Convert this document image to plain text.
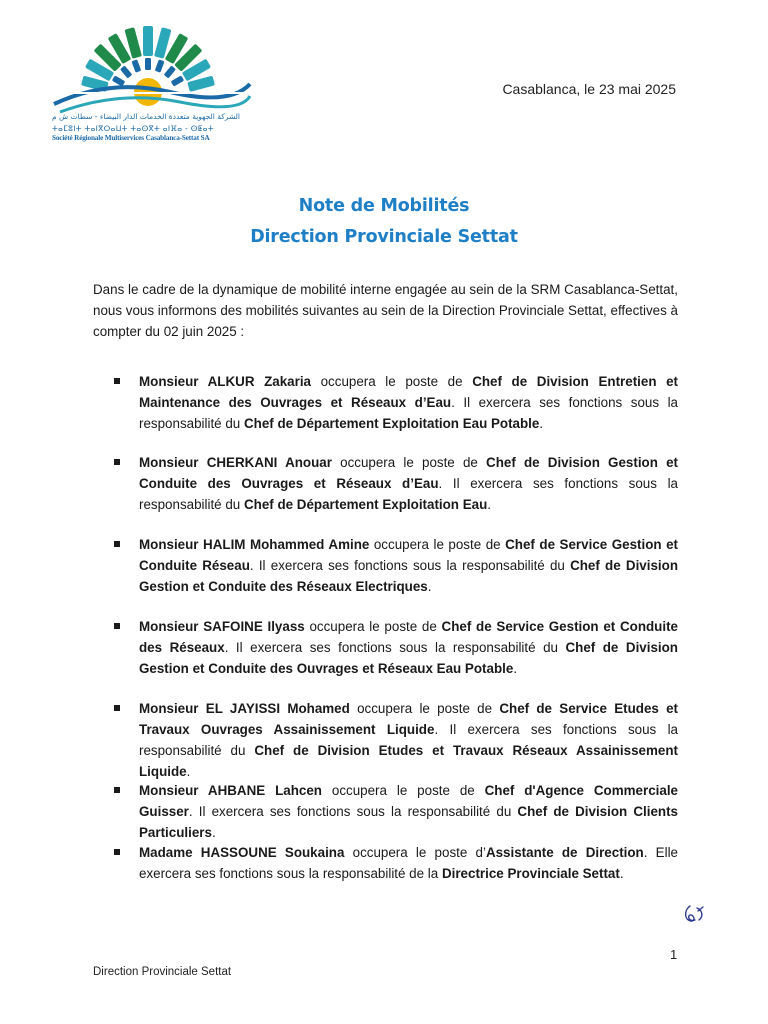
الشركة الجهوية متعددة الخدمات الدار البيضاء - سطات ش م
ⵜⴰⵎⵓⵏⵜ ⵜⴰⵏⴳⵔⴰⵡⵜ ⵜⴰⵙⴳⵜ ⴰⵏⴼⴰ - ⵙⵟⴰⵜ
Société Régionale Multiservices Casablanca-Settat SA
Casablanca, le 23 mai 2025
Note de Mobilités
Direction Provinciale Settat
Dans le cadre de la dynamique de mobilité interne engagée au sein de la SRM Casablanca-Settat, nous vous informons des mobilités suivantes au sein de la Direction Provinciale Settat, effectives à compter du 02 juin 2025 :
Monsieur ALKUR Zakaria occupera le poste de Chef de Division Entretien et Maintenance des Ouvrages et Réseaux d’Eau. Il exercera ses fonctions sous la responsabilité du Chef de Département Exploitation Eau Potable.
Monsieur CHERKANI Anouar occupera le poste de Chef de Division Gestion et Conduite des Ouvrages et Réseaux d’Eau. Il exercera ses fonctions sous la responsabilité du Chef de Département Exploitation Eau.
Monsieur HALIM Mohammed Amine occupera le poste de Chef de Service Gestion et Conduite Réseau. Il exercera ses fonctions sous la responsabilité du Chef de Division Gestion et Conduite des Réseaux Electriques.
Monsieur SAFOINE Ilyass occupera le poste de Chef de Service Gestion et Conduite des Réseaux. Il exercera ses fonctions sous la responsabilité du Chef de Division Gestion et Conduite des Ouvrages et Réseaux Eau Potable.
Monsieur EL JAYISSI Mohamed occupera le poste de Chef de Service Etudes et Travaux Ouvrages Assainissement Liquide. Il exercera ses fonctions sous la responsabilité du Chef de Division Etudes et Travaux Réseaux Assainissement Liquide.
Monsieur AHBANE Lahcen occupera le poste de Chef d'Agence Commerciale Guisser. Il exercera ses fonctions sous la responsabilité du Chef de Division Clients Particuliers.
Madame HASSOUNE Soukaina occupera le poste d’Assistante de Direction. Elle exercera ses fonctions sous la responsabilité de la Directrice Provinciale Settat.
1
Direction Provinciale Settat
